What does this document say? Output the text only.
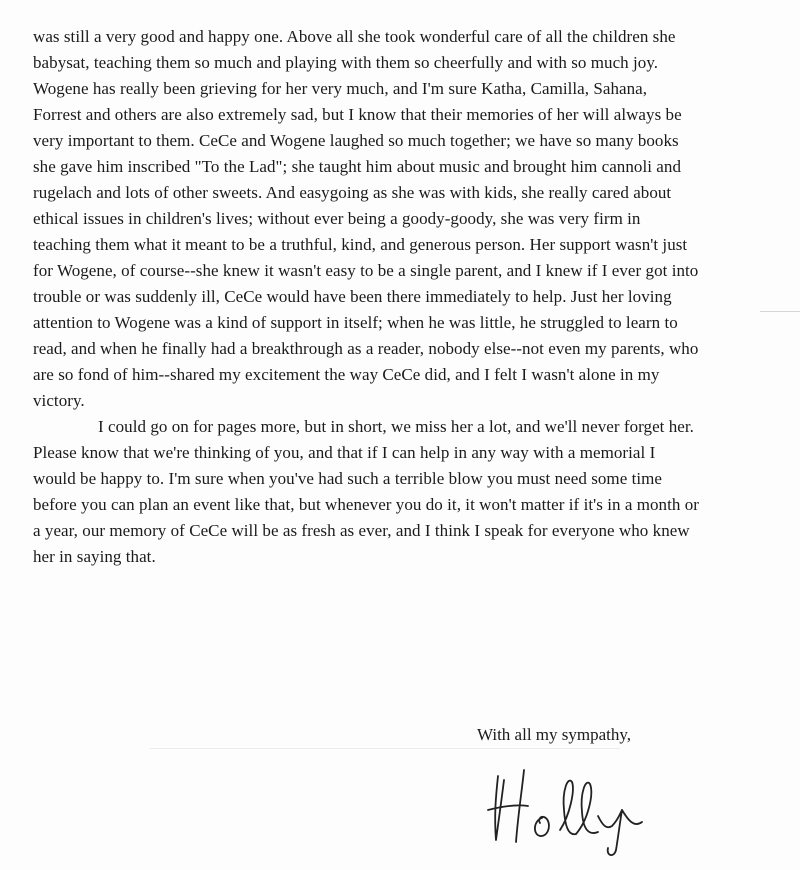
was still a very good and happy one. Above all she took wonderful care of all the children she
babysat, teaching them so much and playing with them so cheerfully and with so much joy.
Wogene has really been grieving for her very much, and I'm sure Katha, Camilla, Sahana,
Forrest and others are also extremely sad, but I know that their memories of her will always be
very important to them. CeCe and Wogene laughed so much together; we have so many books
she gave him inscribed "To the Lad"; she taught him about music and brought him cannoli and
rugelach and lots of other sweets. And easygoing as she was with kids, she really cared about
ethical issues in children's lives; without ever being a goody-goody, she was very firm in
teaching them what it meant to be a truthful, kind, and generous person. Her support wasn't just
for Wogene, of course--she knew it wasn't easy to be a single parent, and I knew if I ever got into
trouble or was suddenly ill, CeCe would have been there immediately to help. Just her loving
attention to Wogene was a kind of support in itself; when he was little, he struggled to learn to
read, and when he finally had a breakthrough as a reader, nobody else--not even my parents, who
are so fond of him--shared my excitement the way CeCe did, and I felt I wasn't alone in my
victory.
I could go on for pages more, but in short, we miss her a lot, and we'll never forget her.
Please know that we're thinking of you, and that if I can help in any way with a memorial I
would be happy to. I'm sure when you've had such a terrible blow you must need some time
before you can plan an event like that, but whenever you do it, it won't matter if it's in a month or
a year, our memory of CeCe will be as fresh as ever, and I think I speak for everyone who knew
her in saying that.
With all my sympathy,
